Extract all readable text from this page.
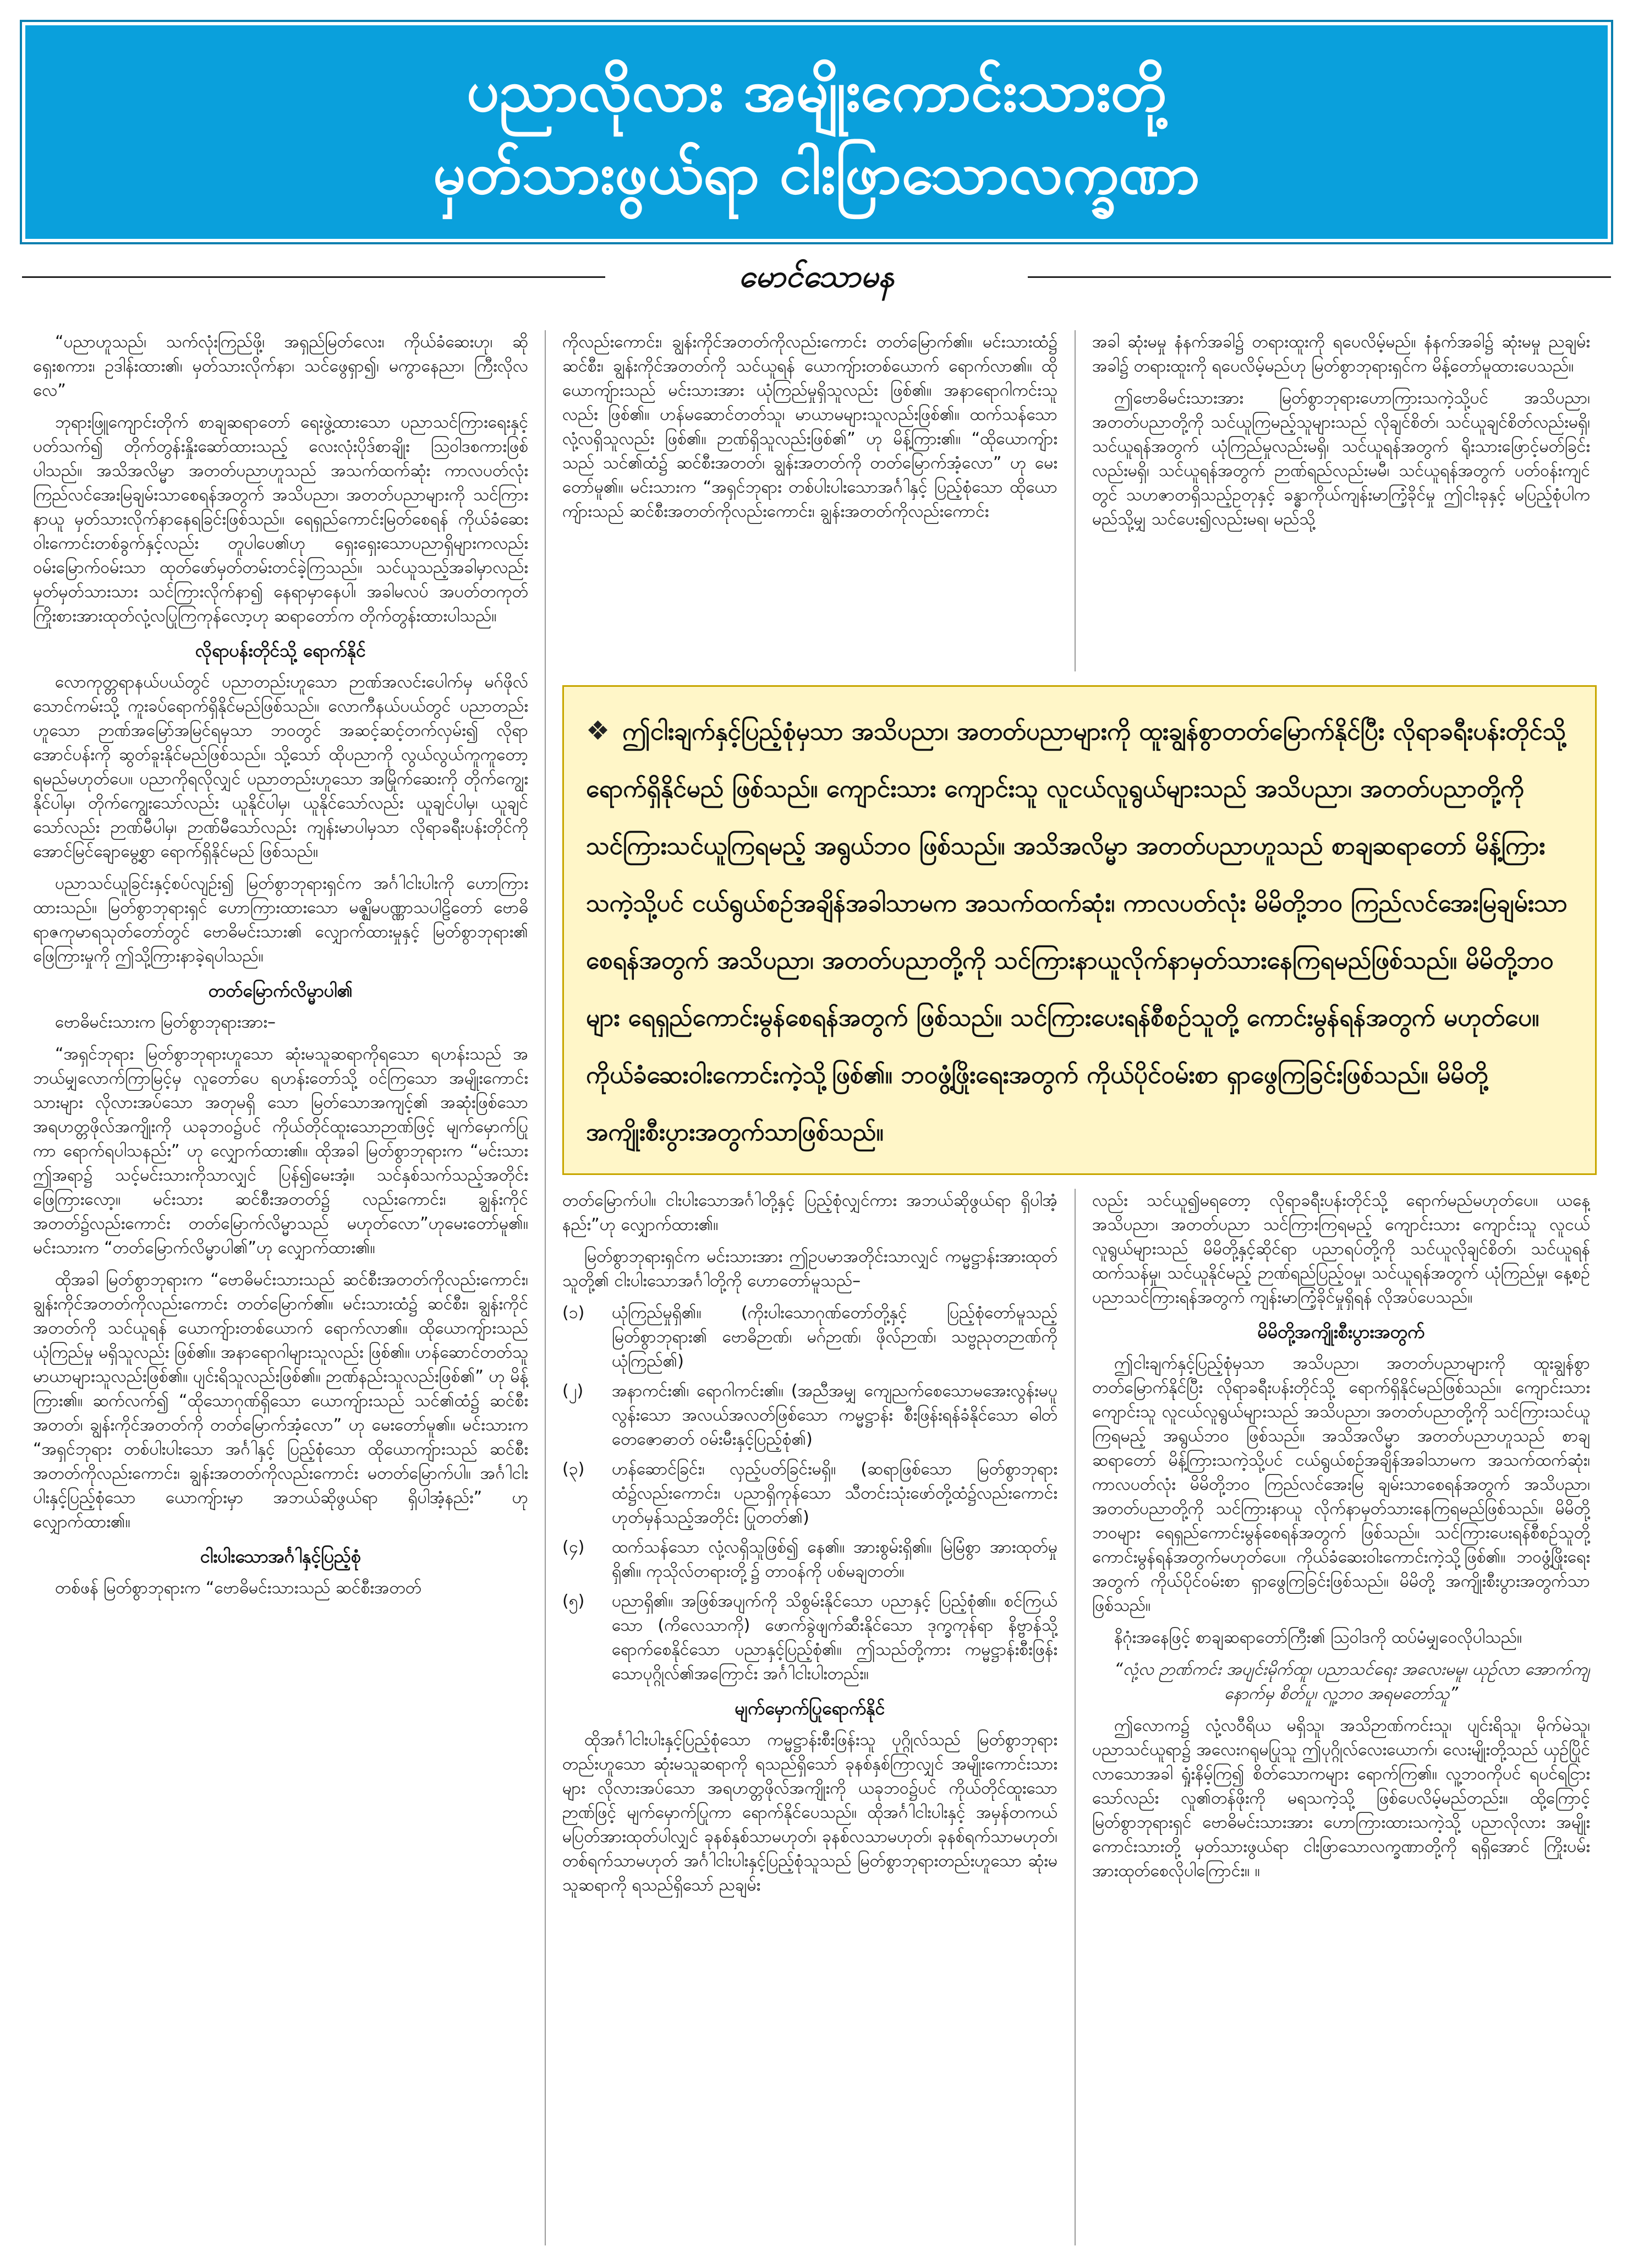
ပညာလိုလား အမျိုးကောင်းသားတို့
မှတ်သားဖွယ်ရာ ငါးဖြာသောလက္ခဏာ
မောင်သောမန

“ပညာဟူသည်၊ သက်လုံးကြည်ဖို့၊ အရှည်မြတ်လေး၊ ကိုယ်ခံဆေးဟု၊ ဆိုရှေးစကား၊ ဥဒါန်းထား၏၊ မှတ်သားလိုက်နာ၊ သင်ဖွေရှာ၍၊ မကွာနေညာ၊ ကြီးလိုလလေ”

ဘုရားဖြူကျောင်းတိုက် စာချဆရာတော် ရေးဖွဲ့ထားသော ပညာသင်ကြားရေးနှင့်ပတ်သက်၍ တိုက်တွန်းနှိုးဆော်ထားသည့် လေးလုံးပိုဒ်စာချိုး ဩဝါဒစကားဖြစ်ပါသည်။ အသိအလိမ္မာ အတတ်ပညာဟူသည် အသက်ထက်ဆုံး ကာလပတ်လုံး ကြည်လင်အေးမြချမ်းသာစေရန်အတွက် အသိပညာ၊ အတတ်ပညာများကို သင်ကြားနာယူ မှတ်သားလိုက်နာနေရခြင်းဖြစ်သည်။ ရေရှည်ကောင်းမြတ်စေရန် ကိုယ်ခံဆေးဝါးကောင်းတစ်ခွက်နှင့်လည်း တူပါပေ၏ဟု ရှေးရှေးသောပညာရှိများကလည်း ဝမ်းမြောက်ဝမ်းသာ ထုတ်ဖော်မှတ်တမ်းတင်ခဲ့ကြသည်။ သင်ယူသည့်အခါမှာလည်း မှတ်မှတ်သားသား သင်ကြားလိုက်နာ၍ နေရာမှာနေပါ၊ အခါမလပ် အပတ်တကုတ် ကြိုးစားအားထုတ်လုံ့လပြုကြကုန်လော့ဟု ဆရာတော်က တိုက်တွန်းထားပါသည်။

လိုရာပန်းတိုင်သို့ ရောက်နိုင်

လောကုတ္တရာနယ်ပယ်တွင် ပညာတည်းဟူသော ဉာဏ်အလင်းပေါက်မှ မဂ်ဖိုလ်သောင်ကမ်းသို့ ကူးခပ်ရောက်ရှိနိုင်မည်ဖြစ်သည်။ လောကီနယ်ပယ်တွင် ပညာတည်းဟူသော ဉာဏ်အမြော်အမြင်ရမှသာ ဘဝတွင် အဆင့်ဆင့်တက်လှမ်း၍ လိုရာအောင်ပန်းကို ဆွတ်ခူးနိုင်မည်ဖြစ်သည်။ သို့သော် ထိုပညာကို လွယ်လွယ်ကူကူတော့ ရမည်မဟုတ်ပေ။ ပညာကိုရလိုလျှင် ပညာတည်းဟူသော အမြိုက်ဆေးကို တိုက်ကျွေးနိုင်ပါမှ၊ တိုက်ကျွေးသော်လည်း ယူနိုင်ပါမှ၊ ယူနိုင်သော်လည်း ယူချင်ပါမှ၊ ယူချင်သော်လည်း ဉာဏ်မီပါမှ၊ ဉာဏ်မီသော်လည်း ကျန်းမာပါမှသာ လိုရာခရီးပန်းတိုင်ကို အောင်မြင်ချောမွေ့စွာ ရောက်ရှိနိုင်မည် ဖြစ်သည်။

ပညာသင်ယူခြင်းနှင့်စပ်လျဉ်း၍ မြတ်စွာဘုရားရှင်က အင်္ဂါငါးပါးကို ဟောကြားထားသည်။ မြတ်စွာဘုရားရှင် ဟောကြားထားသော မဇ္ဈိမပဏ္ဏာသပါဠိတော် ဗောဓိရာဇကုမာရသုတ်တော်တွင် ဗောဓိမင်းသား၏ လျှောက်ထားမှုနှင့် မြတ်စွာဘုရား၏ ဖြေကြားမှုကို ဤသို့ကြားနာခဲ့ရပါသည်။

တတ်မြောက်လိမ္မာပါ၏

ဗောဓိမင်းသားက မြတ်စွာဘုရားအား–

“အရှင်ဘုရား မြတ်စွာဘုရားဟူသော ဆုံးမသူဆရာကိုရသော ရဟန်းသည် အဘယ်မျှလောက်ကြာမြင့်မှ လူတော်ပေ ရဟန်းတော်သို့ ဝင်ကြသော အမျိုးကောင်းသားများ လိုလားအပ်သော အတုမရှိ သော မြတ်သောအကျင့်၏ အဆုံးဖြစ်သော အရဟတ္တဖိုလ်အကျိုးကို ယခုဘဝ၌ပင် ကိုယ်တိုင်ထူးသောဉာဏ်ဖြင့် မျက်မှောက်ပြုကာ ရောက်ရပါသနည်း” ဟု လျှောက်ထား၏။ ထိုအခါ မြတ်စွာဘုရားက “မင်းသား ဤအရာ၌ သင့်မင်းသားကိုသာလျှင် ပြန်၍မေးအံ့။ သင်နှစ်သက်သည့်အတိုင်း ဖြေကြားလော့။ မင်းသား ဆင်စီးအတတ်၌ လည်းကောင်း၊ ချွန်းကိုင်အတတ်၌လည်းကောင်း တတ်မြောက်လိမ္မာသည် မဟုတ်လော”ဟုမေးတော်မူ၏။ မင်းသားက “တတ်မြောက်လိမ္မာပါ၏”ဟု လျှောက်ထား၏။

ထိုအခါ မြတ်စွာဘုရားက “ဗောဓိမင်းသားသည် ဆင်စီးအတတ်ကိုလည်းကောင်း၊ ချွန်းကိုင်အတတ်ကိုလည်းကောင်း တတ်မြောက်၏။ မင်းသားထံ၌ ဆင်စီး၊ ချွန်းကိုင်အတတ်ကို သင်ယူရန် ယောကျ်ားတစ်ယောက် ရောက်လာ၏။ ထိုယောကျ်ားသည် ယုံကြည်မှု မရှိသူလည်း ဖြစ်၏။ အနာရောဂါများသူလည်း ဖြစ်၏။ ဟန်ဆောင်တတ်သူ မာယာများသူလည်းဖြစ်၏။ ပျင်းရိသူလည်းဖြစ်၏။ ဉာဏ်နည်းသူလည်းဖြစ်၏” ဟု မိန့်ကြား၏။ ဆက်လက်၍ “ထိုသောဂုဏ်ရှိသော ယောကျ်ားသည် သင်၏ထံ၌ ဆင်စီးအတတ်၊ ချွန်းကိုင်အတတ်ကို တတ်မြောက်အံ့လော” ဟု မေးတော်မူ၏။ မင်းသားက “အရှင်ဘုရား တစ်ပါးပါးသော အင်္ဂါနှင့် ပြည့်စုံသော ထိုယောကျ်ားသည် ဆင်စီး အတတ်ကိုလည်းကောင်း၊ ချွန်းအတတ်ကိုလည်းကောင်း မတတ်မြောက်ပါ။ အင်္ဂါငါးပါးနှင့်ပြည့်စုံသော ယောကျ်ားမှာ အဘယ်ဆိုဖွယ်ရာ ရှိပါအံ့နည်း” ဟု လျှောက်ထား၏။

ငါးပါးသောအင်္ဂါနှင့်ပြည့်စုံ

တစ်ဖန် မြတ်စွာဘုရားက “ဗောဓိမင်းသားသည် ဆင်စီးအတတ်

ကိုလည်းကောင်း၊ ချွန်းကိုင်အတတ်ကိုလည်းကောင်း တတ်မြောက်၏။ မင်းသားထံ၌ ဆင်စီး၊ ချွန်းကိုင်အတတ်ကို သင်ယူရန် ယောကျ်ားတစ်ယောက် ရောက်လာ၏။ ထိုယောကျ်ားသည် မင်းသားအား ယုံကြည်မှုရှိသူလည်း ဖြစ်၏။ အနာရောဂါကင်းသူလည်း ဖြစ်၏။ ဟန်မဆောင်တတ်သူ၊ မာယာမများသူလည်းဖြစ်၏။ ထက်သန်သော လုံ့လရှိသူလည်း ဖြစ်၏။ ဉာဏ်ရှိသူလည်းဖြစ်၏” ဟု မိန့်ကြား၏။ “ထိုယောကျ်ားသည် သင်၏ထံ၌ ဆင်စီးအတတ်၊ ချွန်းအတတ်ကို တတ်မြောက်အံ့လော” ဟု မေးတော်မူ၏။ မင်းသားက “အရှင်ဘုရား တစ်ပါးပါးသောအင်္ဂါနှင့် ပြည့်စုံသော ထိုယောကျ်ားသည် ဆင်စီးအတတ်ကိုလည်းကောင်း၊ ချွန်းအတတ်ကိုလည်းကောင်း

အခါ ဆုံးမမှု နံနက်အခါ၌ တရားထူးကို ရပေလိမ့်မည်။ နံနက်အခါ၌ ဆုံးမမှု ညချမ်းအခါ၌ တရားထူးကို ရပေလိမ့်မည်ဟု မြတ်စွာဘုရားရှင်က မိန့်တော်မူထားပေသည်။

ဤဗောဓိမင်းသားအား မြတ်စွာဘုရားဟောကြားသကဲ့သို့ပင် အသိပညာ၊ အတတ်ပညာတို့ကို သင်ယူကြမည့်သူများသည် လိုချင်စိတ်၊ သင်ယူချင်စိတ်လည်းမရှိ၊ သင်ယူရန်အတွက် ယုံကြည်မှုလည်းမရှိ၊ သင်ယူရန်အတွက် ရိုးသားဖြောင့်မတ်ခြင်းလည်းမရှိ၊ သင်ယူရန်အတွက် ဉာဏ်ရည်လည်းမမီ၊ သင်ယူရန်အတွက် ပတ်ဝန်းကျင်တွင် သဟဇာတရှိသည့်ဥတုနှင့် ခန္ဓာကိုယ်ကျန်းမာကြံ့ခိုင်မှု ဤငါးခုနှင့် မပြည့်စုံပါက မည်သို့မျှ သင်ပေး၍လည်းမရ၊ မည်သို့

❖ ဤငါးချက်နှင့်ပြည့်စုံမှသာ အသိပညာ၊ အတတ်ပညာများကို ထူးချွန်စွာတတ်မြောက်နိုင်ပြီး လိုရာခရီးပန်းတိုင်သို့ ရောက်ရှိနိုင်မည် ဖြစ်သည်။ ကျောင်းသား ကျောင်းသူ လူငယ်လူရွယ်များသည် အသိပညာ၊ အတတ်ပညာတို့ကို သင်ကြားသင်ယူကြရမည့် အရွယ်ဘဝ ဖြစ်သည်။ အသိအလိမ္မာ အတတ်ပညာဟူသည် စာချဆရာတော် မိန့်ကြားသကဲ့သို့ပင် ငယ်ရွယ်စဉ်အချိန်အခါသာမက အသက်ထက်ဆုံး၊ ကာလပတ်လုံး မိမိတို့ဘဝ ကြည်လင်အေးမြချမ်းသာစေရန်အတွက် အသိပညာ၊ အတတ်ပညာတို့ကို သင်ကြားနာယူလိုက်နာမှတ်သားနေကြရမည်ဖြစ်သည်။ မိမိတို့ဘဝများ ရေရှည်ကောင်းမွန်စေရန်အတွက် ဖြစ်သည်။ သင်ကြားပေးရန်စီစဉ်သူတို့ ကောင်းမွန်ရန်အတွက် မဟုတ်ပေ။ ကိုယ်ခံဆေးဝါးကောင်းကဲ့သို့ဖြစ်၏။ ဘဝဖွံ့ဖြိုးရေးအတွက် ကိုယ်ပိုင်ဝမ်းစာ ရှာဖွေကြခြင်းဖြစ်သည်။ မိမိတို့ အကျိုးစီးပွားအတွက်သာဖြစ်သည်။

တတ်မြောက်ပါ။ ငါးပါးသောအင်္ဂါတို့နှင့် ပြည့်စုံလျှင်ကား အဘယ်ဆိုဖွယ်ရာ ရှိပါအံ့နည်း”ဟု လျှောက်ထား၏။

မြတ်စွာဘုရားရှင်က မင်းသားအား ဤဥပမာအတိုင်းသာလျှင် ကမ္မဋ္ဌာန်းအားထုတ်သူတို့၏ ငါးပါးသောအင်္ဂါတို့ကို ဟောတော်မူသည်–

(၁)	ယုံကြည်မှုရှိ၏။ (ကိုးပါးသောဂုဏ်တော်တို့နှင့် ပြည့်စုံတော်မူသည့် မြတ်စွာဘုရား၏ ဗောဓိဉာဏ်၊ မဂ်ဉာဏ်၊ ဖိုလ်ဉာဏ်၊ သဗ္ဗညုတဉာဏ်ကို ယုံကြည်၏)
(၂)	အနာကင်း၏၊ ရောဂါကင်း၏။ (အညီအမျှ ကျေညက်စေသောမအေးလွန်းမပူလွန်းသော အလယ်အလတ်ဖြစ်သော ကမ္မဋ္ဌာန်း စီးဖြန်းရန်ခံနိုင်သော ဓါတ်တေဇောဓာတ် ဝမ်းမီးနှင့်ပြည့်စုံ၏)
(၃)	ဟန်ဆောင်ခြင်း၊ လှည့်ပတ်ခြင်းမရှိ။ (ဆရာဖြစ်သော မြတ်စွာဘုရားထံ၌လည်းကောင်း၊ ပညာရှိကုန်သော သီတင်းသုံးဖော်တို့ထံ၌လည်းကောင်း ဟုတ်မှန်သည့်အတိုင်း ပြုတတ်၏)
(၄)	ထက်သန်သော လုံ့လရှိသူဖြစ်၍ နေ၏။ အားစွမ်းရှိ၏။ မြဲမြံစွာ အားထုတ်မှုရှိ၏။ ကုသိုလ်တရားတို့၌ တာဝန်ကို ပစ်မချတတ်။
(၅)	ပညာရှိ၏။ အဖြစ်အပျက်ကို သိစွမ်းနိုင်သော ပညာနှင့် ပြည့်စုံ၏။ စင်ကြယ်သော (ကိလေသာကို) ဖောက်ခွဲဖျက်ဆီးနိုင်သော ဒုက္ခကုန်ရာ နိဗ္ဗာန်သို့ရောက်စေနိုင်သော ပညာနှင့်ပြည့်စုံ၏။ ဤသည်တို့ကား ကမ္မဋ္ဌာန်းစီးဖြန်းသောပုဂ္ဂိုလ်၏အကြောင်း အင်္ဂါငါးပါးတည်း။
မျက်မှောက်ပြုရောက်နိုင်

ထိုအင်္ဂါငါးပါးနှင့်ပြည့်စုံသော ကမ္မဋ္ဌာန်းစီးဖြန်းသူ ပုဂ္ဂိုလ်သည် မြတ်စွာဘုရားတည်းဟူသော ဆုံးမသူဆရာကို ရသည်ရှိသော် ခုနစ်နှစ်ကြာလျှင် အမျိုးကောင်းသားများ လိုလားအပ်သော အရဟတ္တဖိုလ်အကျိုးကို ယခုဘဝ၌ပင် ကိုယ်တိုင်ထူးသောဉာဏ်ဖြင့် မျက်မှောက်ပြုကာ ရောက်နိုင်ပေသည်။ ထိုအင်္ဂါငါးပါးနှင့် အမှန်တကယ် မပြတ်အားထုတ်ပါလျှင် ခုနစ်နှစ်သာမဟုတ်၊ ခုနစ်လသာမဟုတ်၊ ခုနစ်ရက်သာမဟုတ်၊ တစ်ရက်သာမဟုတ် အင်္ဂါငါးပါးနှင့်ပြည့်စုံသူသည် မြတ်စွာဘုရားတည်းဟူသော ဆုံးမသူဆရာကို ရသည်ရှိသော် ညချမ်း

လည်း သင်ယူ၍မရတော့ လိုရာခရီးပန်းတိုင်သို့ ရောက်မည်မဟုတ်ပေ။ ယနေ့အသိပညာ၊ အတတ်ပညာ သင်ကြားကြရမည့် ကျောင်းသား ကျောင်းသူ လူငယ်လူရွယ်များသည် မိမိတို့နှင့်ဆိုင်ရာ ပညာရပ်တို့ကို သင်ယူလိုချင်စိတ်၊ သင်ယူရန်ထက်သန်မှု၊ သင်ယူနိုင်မည့် ဉာဏ်ရည်ပြည့်ဝမှု၊ သင်ယူရန်အတွက် ယုံကြည်မှု၊ နေ့စဉ်ပညာသင်ကြားရန်အတွက် ကျန်းမာကြံ့ခိုင်မှုရှိရန် လိုအပ်ပေသည်။

မိမိတို့အကျိုးစီးပွားအတွက်

ဤငါးချက်နှင့်ပြည့်စုံမှသာ အသိပညာ၊ အတတ်ပညာများကို ထူးချွန်စွာတတ်မြောက်နိုင်ပြီး လိုရာခရီးပန်းတိုင်သို့ ရောက်ရှိနိုင်မည်ဖြစ်သည်။ ကျောင်းသား ကျောင်းသူ လူငယ်လူရွယ်များသည် အသိပညာ၊ အတတ်ပညာတို့ကို သင်ကြားသင်ယူကြရမည့် အရွယ်ဘဝ ဖြစ်သည်။ အသိအလိမ္မာ အတတ်ပညာဟူသည် စာချဆရာတော် မိန့်ကြားသကဲ့သို့ပင် ငယ်ရွယ်စဉ်အချိန်အခါသာမက အသက်ထက်ဆုံး၊ ကာလပတ်လုံး မိမိတို့ဘဝ ကြည်လင်အေးမြ ချမ်းသာစေရန်အတွက် အသိပညာ၊ အတတ်ပညာတို့ကို သင်ကြားနာယူ လိုက်နာမှတ်သားနေကြရမည်ဖြစ်သည်။ မိမိတို့ဘဝများ ရေရှည်ကောင်းမွန်စေရန်အတွက် ဖြစ်သည်။ သင်ကြားပေးရန်စီစဉ်သူတို့ ကောင်းမွန်ရန်အတွက်မဟုတ်ပေ။ ကိုယ်ခံဆေးဝါးကောင်းကဲ့သို့ဖြစ်၏။ ဘဝဖွံ့ဖြိုးရေးအတွက် ကိုယ်ပိုင်ဝမ်းစာ ရှာဖွေကြခြင်းဖြစ်သည်။ မိမိတို့ အကျိုးစီးပွားအတွက်သာဖြစ်သည်။

နိဂုံးအနေဖြင့် စာချဆရာတော်ကြီး၏ ဩဝါဒကို ထပ်မံမျှဝေလိုပါသည်။

“လုံ့လ ဉာဏ်ကင်း အပျင်းမိုက်ထူ၊ ပညာသင်ရေး အလေးမမူ၊ ယုဉ်လာ အောက်ကျ နောက်မှ စိတ်ပူ၊ လူ့ဘဝ အရမတော်သူ”

ဤလောက၌ လုံ့လဝီရိယ မရှိသူ၊ အသိဉာဏ်ကင်းသူ၊ ပျင်းရိသူ၊ မိုက်မဲသူ၊ ပညာသင်ယူရာ၌ အလေးဂရုမပြုသူ ဤပုဂ္ဂိုလ်လေးယောက်၊ လေးမျိုးတို့သည် ယှဉ်ပြိုင်လာသောအခါ ရှုံးနိမ့်ကြ၍ စိတ်သောကများ ရောက်ကြ၏။ လူ့ဘဝကိုပင် ရပင်ရငြားသော်လည်း လူ၏တန်ဖိုးကို မရသကဲ့သို့ ဖြစ်ပေလိမ့်မည်တည်း။ ထို့ကြောင့် မြတ်စွာဘုရားရှင် ဗောဓိမင်းသားအား ဟောကြားထားသကဲ့သို့ ပညာလိုလား အမျိုးကောင်းသားတို့ မှတ်သားဖွယ်ရာ ငါးဖြာသောလက္ခဏာတို့ကို ရရှိအောင် ကြိုးပမ်းအားထုတ်စေလိုပါကြောင်း။ ။
